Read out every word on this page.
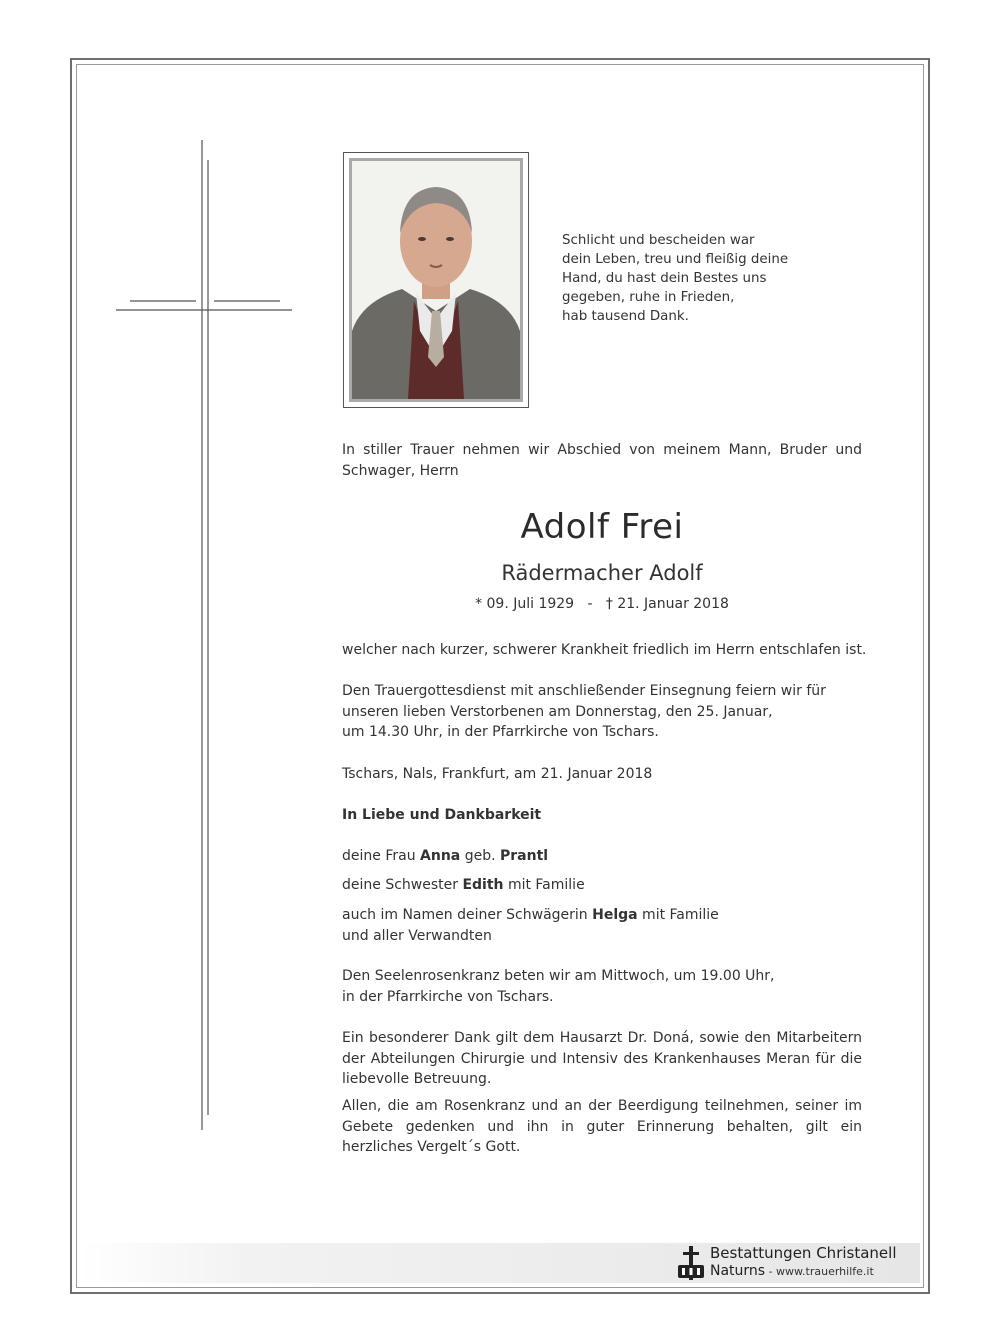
Schlicht und bescheiden war
dein Leben, treu und fleißig deine
Hand, du hast dein Bestes uns
gegeben, ruhe in Frieden,
hab tausend Dank.
In stiller Trauer nehmen wir Abschied von meinem Mann, Bruder und Schwager, Herrn
Adolf Frei
Rädermacher Adolf
* 09. Juli 1929 - † 21. Januar 2018
welcher nach kurzer, schwerer Krankheit friedlich im Herrn entschlafen ist.
Den Trauergottesdienst mit anschließender Einsegnung feiern wir für
unseren lieben Verstorbenen am Donnerstag, den 25. Januar,
um 14.30 Uhr, in der Pfarrkirche von Tschars.
Tschars, Nals, Frankfurt, am 21. Januar 2018
In Liebe und Dankbarkeit
deine Frau Anna geb. Prantl
deine Schwester Edith mit Familie
auch im Namen deiner Schwägerin Helga mit Familie
und aller Verwandten
Den Seelenrosenkranz beten wir am Mittwoch, um 19.00 Uhr,
in der Pfarrkirche von Tschars.
Ein besonderer Dank gilt dem Hausarzt Dr. Doná, sowie den Mitarbeitern der Abteilungen Chirurgie und Intensiv des Krankenhauses Meran für die liebevolle Betreuung.
Allen, die am Rosenkranz und an der Beerdigung teilnehmen, seiner im Gebete gedenken und ihn in guter Erinnerung behalten, gilt ein herzliches Vergelt´s Gott.
Bestattungen Christanell
Naturns - www.trauerhilfe.it
